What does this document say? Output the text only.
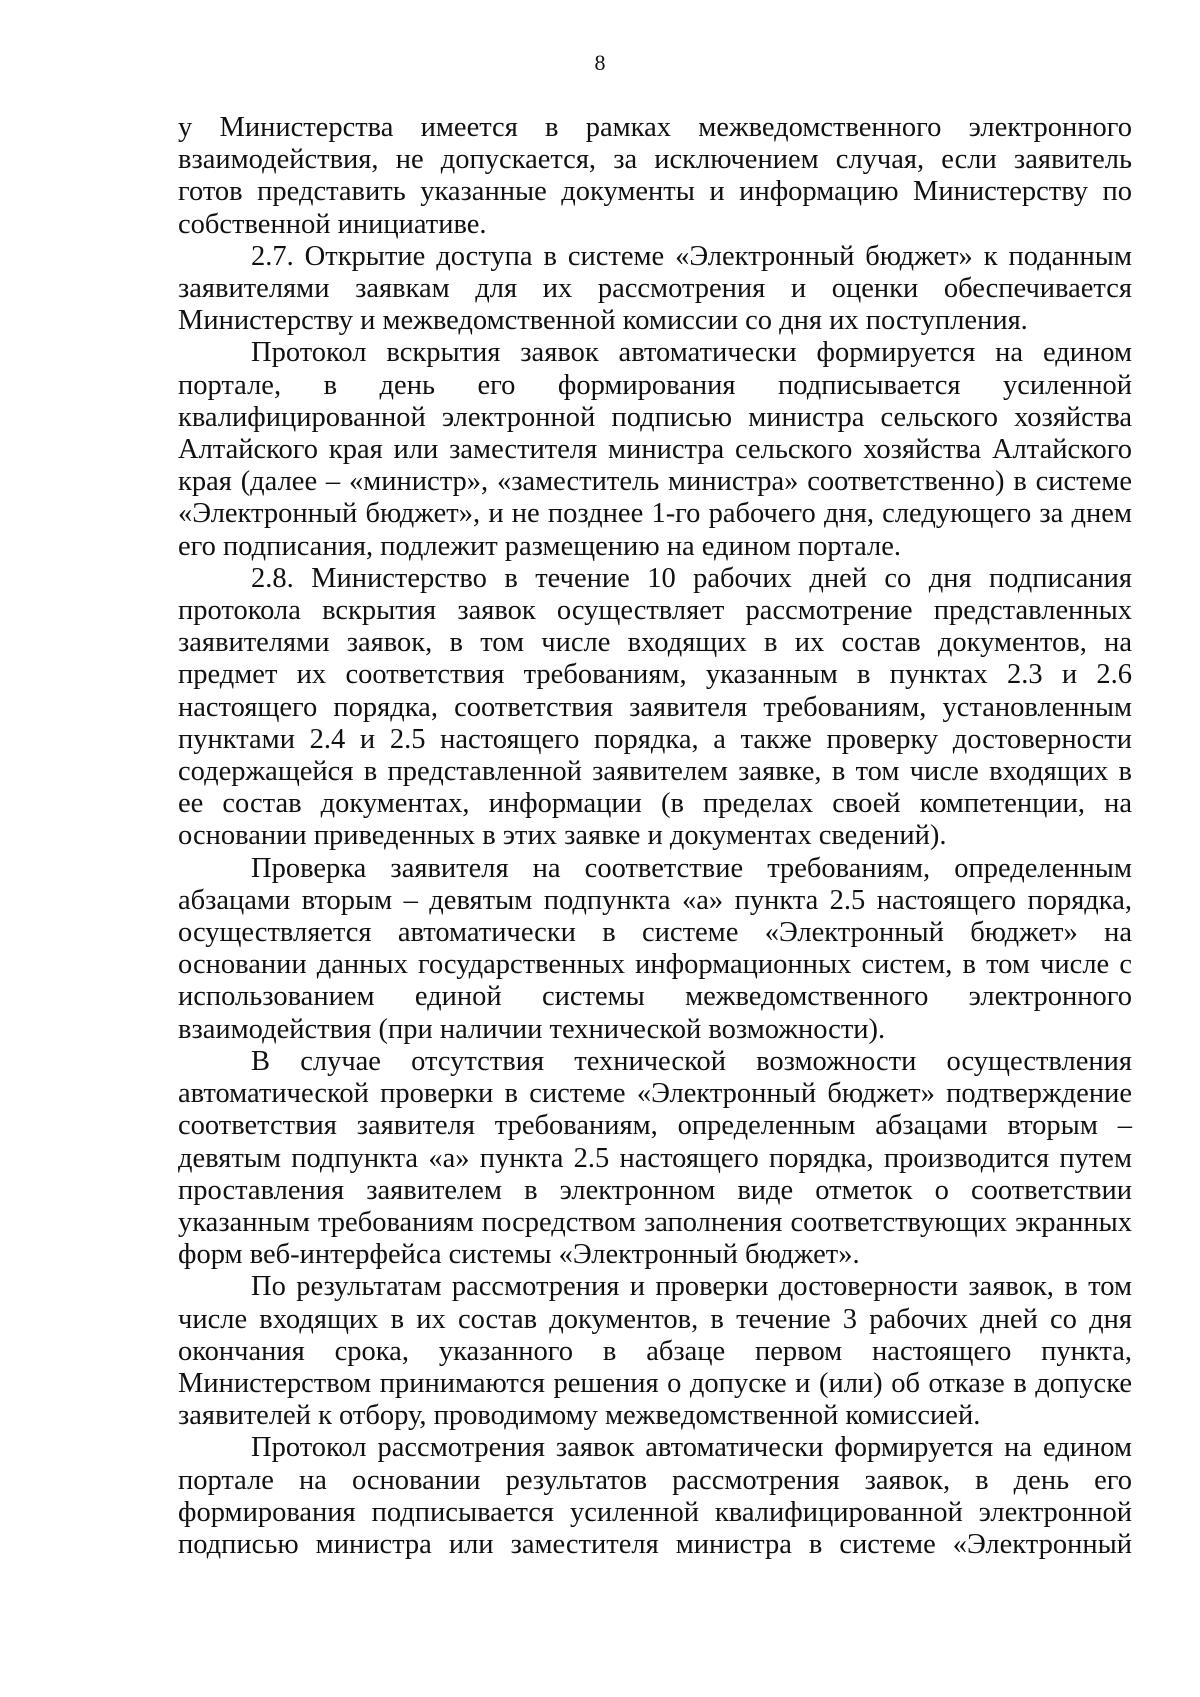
8

у Министерства имеется в рамках межведомственного электронного взаимодействия, не допускается, за исключением случая, если заявитель готов представить указанные документы и информацию Министерству по собственной инициативе.

2.7. Открытие доступа в системе «Электронный бюджет» к поданным заявителями заявкам для их рассмотрения и оценки обеспечивается Министерству и межведомственной комиссии со дня их поступления.

Протокол вскрытия заявок автоматически формируется на едином портале, в день его формирования подписывается усиленной квалифицированной электронной подписью министра сельского хозяйства Алтайского края или заместителя министра сельского хозяйства Алтайского края (далее – «министр», «заместитель министра» соответственно) в системе «Электронный бюджет», и не позднее 1-го рабочего дня, следующего за днем его подписания, подлежит размещению на едином портале.

2.8. Министерство в течение 10 рабочих дней со дня подписания протокола вскрытия заявок осуществляет рассмотрение представленных заявителями заявок, в том числе входящих в их состав документов, на предмет их соответствия требованиям, указанным в пунктах 2.3 и 2.6 настоящего порядка, соответствия заявителя требованиям, установленным пунктами 2.4 и 2.5 настоящего порядка, а также проверку достоверности содержащейся в представленной заявителем заявке, в том числе входящих в ее состав документах, информации (в пределах своей компетенции, на основании приведенных в этих заявке и документах сведений).

Проверка заявителя на соответствие требованиям, определенным абзацами вторым – девятым подпункта «а» пункта 2.5 настоящего порядка, осуществляется автоматически в системе «Электронный бюджет» на основании данных государственных информационных систем, в том числе с использованием единой системы межведомственного электронного взаимодействия (при наличии технической возможности).

В случае отсутствия технической возможности осуществления автоматической проверки в системе «Электронный бюджет» подтверждение соответствия заявителя требованиям, определенным абзацами вторым – девятым подпункта «а» пункта 2.5 настоящего порядка, производится путем проставления заявителем в электронном виде отметок о соответствии указанным требованиям посредством заполнения соответствующих экранных форм веб-интерфейса системы «Электронный бюджет».

По результатам рассмотрения и проверки достоверности заявок, в том числе входящих в их состав документов, в течение 3 рабочих дней со дня окончания срока, указанного в абзаце первом настоящего пункта, Министерством принимаются решения о допуске и (или) об отказе в допуске заявителей к отбору, проводимому межведомственной комиссией.

Протокол рассмотрения заявок автоматически формируется на едином портале на основании результатов рассмотрения заявок, в день его формирования подписывается усиленной квалифицированной электронной подписью министра или заместителя министра в системе «Электронный
